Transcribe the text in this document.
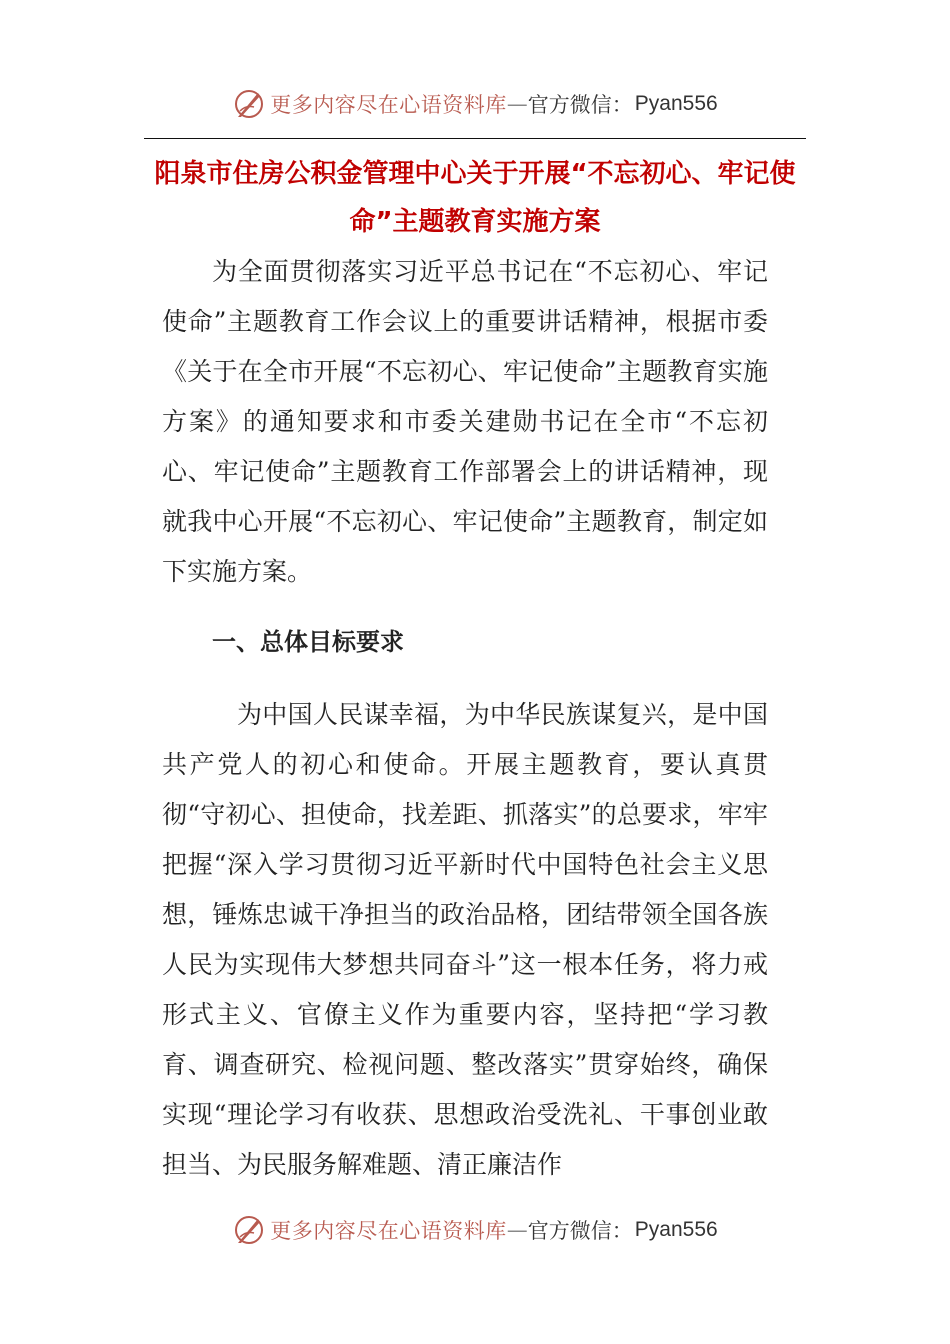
更多内容尽在心语资料库 — 官方微信： Pyan556
阳泉市住房公积金管理中心关于开展“不忘初心、牢记使命”主题教育实施方案
为全面贯彻落实习近平总书记在“不忘初心、牢记使命”主题教育工作会议上的重要讲话精神，根据市委《关于在全市开展“不忘初心、牢记使命”主题教育实施方案》的通知要求和市委关建勋书记在全市“不忘初心、牢记使命”主题教育工作部署会上的讲话精神，现就我中心开展“不忘初心、牢记使命”主题教育，制定如下实施方案。
一、总体目标要求
为中国人民谋幸福，为中华民族谋复兴，是中国共产党人的初心和使命。开展主题教育，要认真贯彻“守初心、担使命，找差距、抓落实”的总要求，牢牢把握“深入学习贯彻习近平新时代中国特色社会主义思想，锤炼忠诚干净担当的政治品格，团结带领全国各族人民为实现伟大梦想共同奋斗”这一根本任务，将力戒形式主义、官僚主义作为重要内容，坚持把“学习教育、调查研究、检视问题、整改落实”贯穿始终，确保实现“理论学习有收获、思想政治受洗礼、干事创业敢担当、为民服务解难题、清正廉洁作
更多内容尽在心语资料库 — 官方微信： Pyan556
